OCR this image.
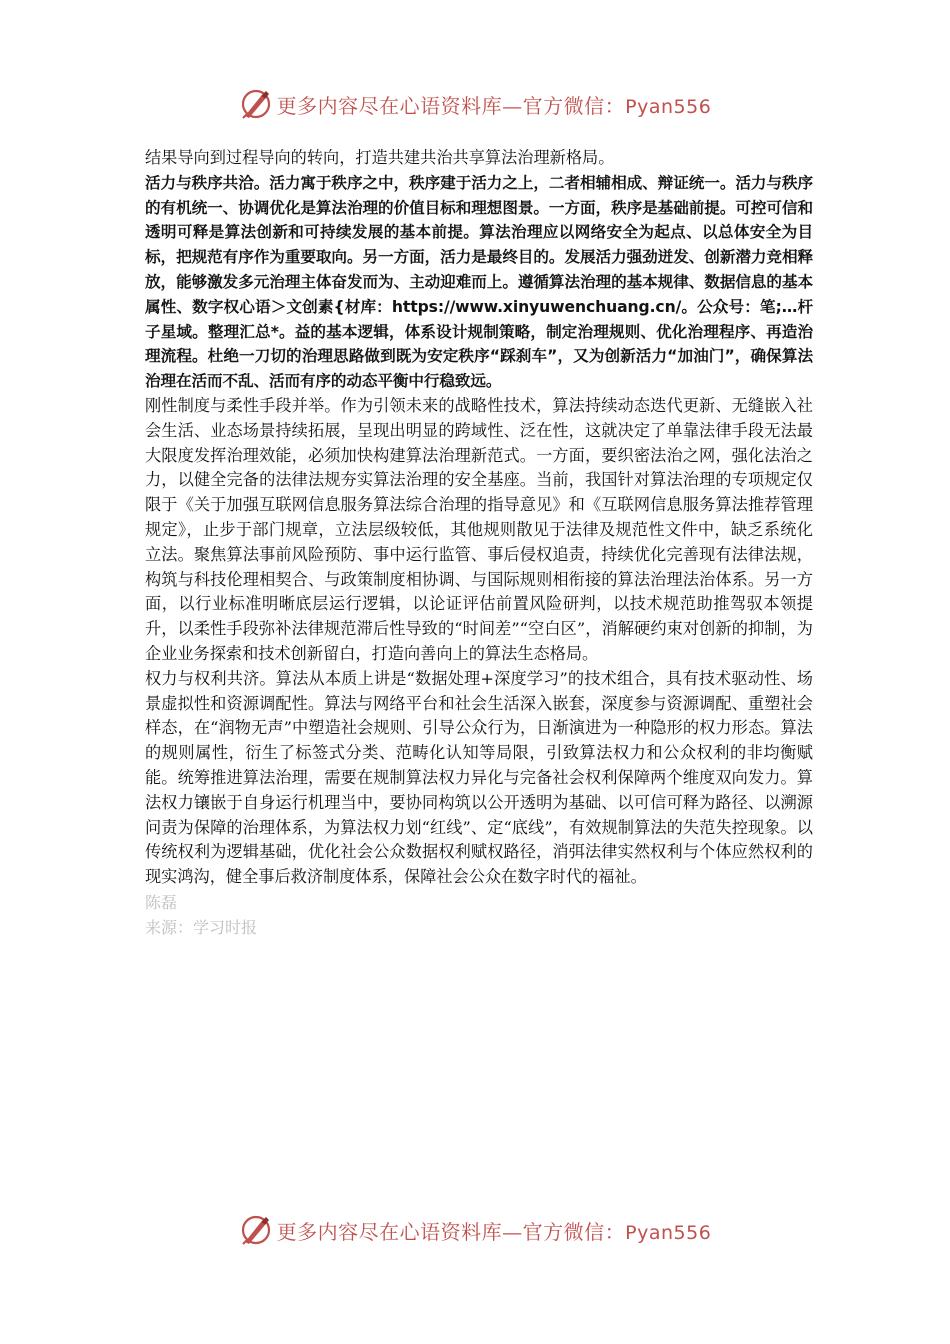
更多内容尽在心语资料库—官方微信：Pyan556

结果导向到过程导向的转向，打造共建共治共享算法治理新格局。

活力与秩序共洽。活力寓于秩序之中，秩序建于活力之上，二者相辅相成、辩证统一。活力与秩序的有机统一、协调优化是算法治理的价值目标和理想图景。一方面，秩序是基础前提。可控可信和透明可释是算法创新和可持续发展的基本前提。算法治理应以网络安全为起点、以总体安全为目标，把规范有序作为重要取向。另一方面，活力是最终目的。发展活力强劲迸发、创新潜力竞相释放，能够激发多元治理主体奋发而为、主动迎难而上。遵循算法治理的基本规律、数据信息的基本属性、数字权心语＞文创素{材库：https://www.xinyuwenchuang.cn/。公众号：笔;…杆子星域。整理汇总*。益的基本逻辑，体系设计规制策略，制定治理规则、优化治理程序、再造治理流程。杜绝一刀切的治理思路做到既为安定秩序“踩刹车”，又为创新活力“加油门”，确保算法治理在活而不乱、活而有序的动态平衡中行稳致远。

刚性制度与柔性手段并举。作为引领未来的战略性技术，算法持续动态迭代更新、无缝嵌入社会生活、业态场景持续拓展，呈现出明显的跨域性、泛在性，这就决定了单靠法律手段无法最大限度发挥治理效能，必须加快构建算法治理新范式。一方面，要织密法治之网，强化法治之力，以健全完备的法律法规夯实算法治理的安全基座。当前，我国针对算法治理的专项规定仅限于《关于加强互联网信息服务算法综合治理的指导意见》和《互联网信息服务算法推荐管理规定》，止步于部门规章，立法层级较低，其他规则散见于法律及规范性文件中，缺乏系统化立法。聚焦算法事前风险预防、事中运行监管、事后侵权追责，持续优化完善现有法律法规，构筑与科技伦理相契合、与政策制度相协调、与国际规则相衔接的算法治理法治体系。另一方面，以行业标准明晰底层运行逻辑，以论证评估前置风险研判，以技术规范助推驾驭本领提升，以柔性手段弥补法律规范滞后性导致的“时间差”“空白区”，消解硬约束对创新的抑制，为企业业务探索和技术创新留白，打造向善向上的算法生态格局。

权力与权利共济。算法从本质上讲是“数据处理+深度学习”的技术组合，具有技术驱动性、场景虚拟性和资源调配性。算法与网络平台和社会生活深入嵌套，深度参与资源调配、重塑社会样态，在“润物无声”中塑造社会规则、引导公众行为，日渐演进为一种隐形的权力形态。算法的规则属性，衍生了标签式分类、范畴化认知等局限，引致算法权力和公众权利的非均衡赋能。统筹推进算法治理，需要在规制算法权力异化与完备社会权利保障两个维度双向发力。算法权力镶嵌于自身运行机理当中，要协同构筑以公开透明为基础、以可信可释为路径、以溯源问责为保障的治理体系，为算法权力划“红线”、定“底线”，有效规制算法的失范失控现象。以传统权利为逻辑基础，优化社会公众数据权利赋权路径，消弭法律实然权利与个体应然权利的现实鸿沟，健全事后救济制度体系，保障社会公众在数字时代的福祉。

陈磊

来源：学习时报

更多内容尽在心语资料库—官方微信：Pyan556
